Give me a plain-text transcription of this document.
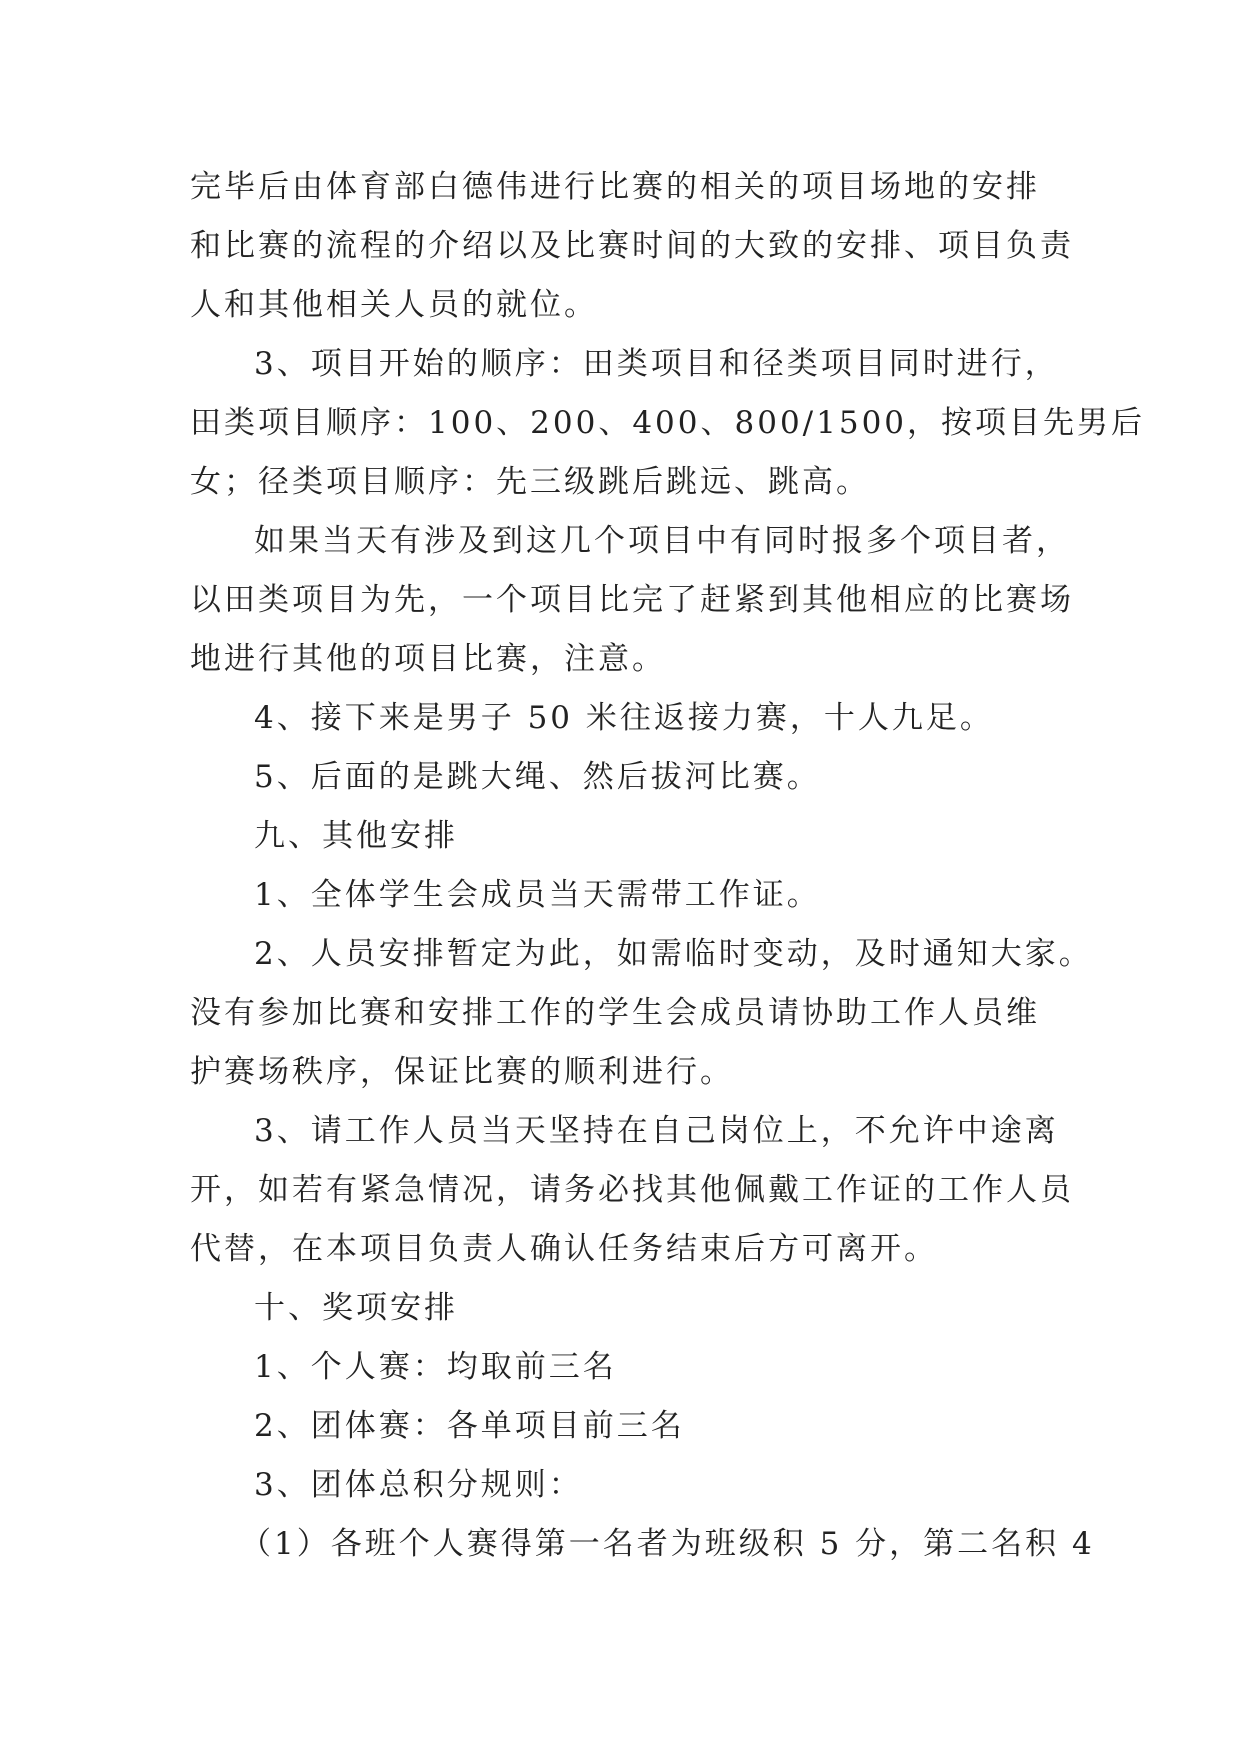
完毕后由体育部白德伟进行比赛的相关的项目场地的安排
和比赛的流程的介绍以及比赛时间的大致的安排、项目负责
人和其他相关人员的就位。
3、项目开始的顺序：田类项目和径类项目同时进行，
田类项目顺序：100、200、400、800/1500，按项目先男后
女；径类项目顺序：先三级跳后跳远、跳高。
如果当天有涉及到这几个项目中有同时报多个项目者，
以田类项目为先，一个项目比完了赶紧到其他相应的比赛场
地进行其他的项目比赛，注意。
4、接下来是男子 50 米往返接力赛，十人九足。
5、后面的是跳大绳、然后拔河比赛。
九、其他安排
1、全体学生会成员当天需带工作证。
2、人员安排暂定为此，如需临时变动，及时通知大家。
没有参加比赛和安排工作的学生会成员请协助工作人员维
护赛场秩序，保证比赛的顺利进行。
3、请工作人员当天坚持在自己岗位上，不允许中途离
开，如若有紧急情况，请务必找其他佩戴工作证的工作人员
代替，在本项目负责人确认任务结束后方可离开。
十、奖项安排
1、个人赛：均取前三名
2、团体赛：各单项目前三名
3、团体总积分规则：
（1）各班个人赛得第一名者为班级积 5 分，第二名积 4
